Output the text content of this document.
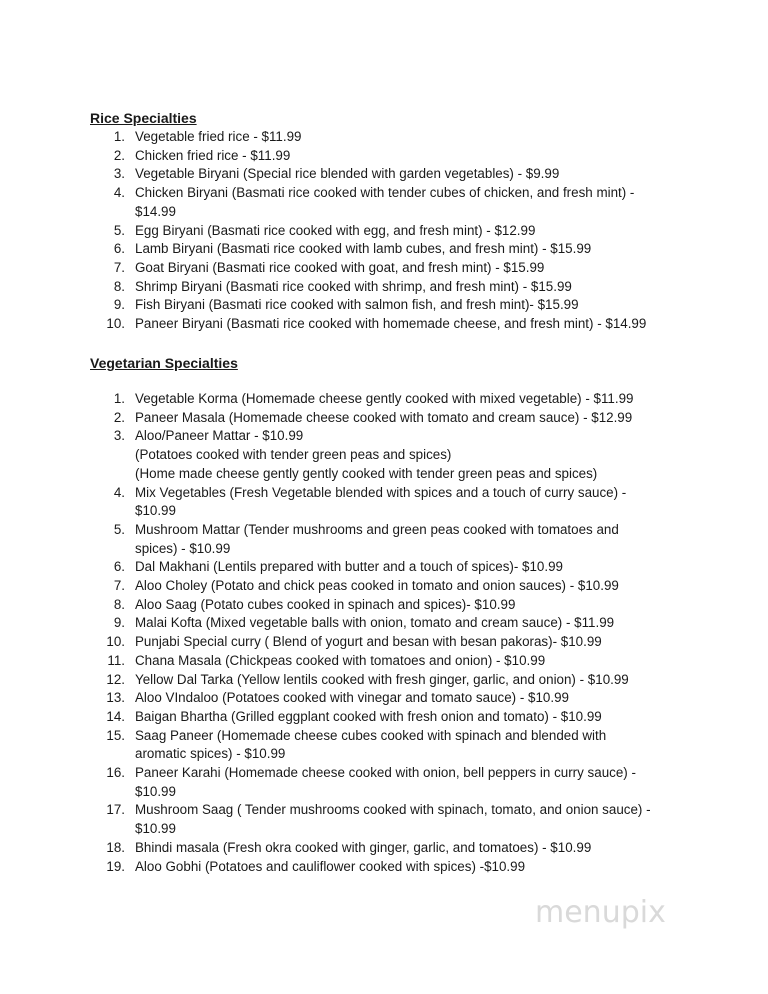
Rice Specialties
1. Vegetable fried rice - $11.99
2. Chicken fried rice - $11.99
3. Vegetable Biryani (Special rice blended with garden vegetables) - $9.99
4. Chicken Biryani (Basmati rice cooked with tender cubes of chicken, and fresh mint) -
$14.99
5. Egg Biryani (Basmati rice cooked with egg, and fresh mint) - $12.99
6. Lamb Biryani (Basmati rice cooked with lamb cubes, and fresh mint) - $15.99
7. Goat Biryani (Basmati rice cooked with goat, and fresh mint) - $15.99
8. Shrimp Biryani (Basmati rice cooked with shrimp, and fresh mint) - $15.99
9. Fish Biryani (Basmati rice cooked with salmon fish, and fresh mint)- $15.99
10. Paneer Biryani (Basmati rice cooked with homemade cheese, and fresh mint) - $14.99
Vegetarian Specialties
1. Vegetable Korma (Homemade cheese gently cooked with mixed vegetable) - $11.99
2. Paneer Masala (Homemade cheese cooked with tomato and cream sauce) - $12.99
3. Aloo/Paneer Mattar - $10.99
(Potatoes cooked with tender green peas and spices)
(Home made cheese gently gently cooked with tender green peas and spices)
4. Mix Vegetables (Fresh Vegetable blended with spices and a touch of curry sauce) -
$10.99
5. Mushroom Mattar (Tender mushrooms and green peas cooked with tomatoes and
spices) - $10.99
6. Dal Makhani (Lentils prepared with butter and a touch of spices)- $10.99
7. Aloo Choley (Potato and chick peas cooked in tomato and onion sauces) - $10.99
8. Aloo Saag (Potato cubes cooked in spinach and spices)- $10.99
9. Malai Kofta (Mixed vegetable balls with onion, tomato and cream sauce) - $11.99
10. Punjabi Special curry ( Blend of yogurt and besan with besan pakoras)- $10.99
11. Chana Masala (Chickpeas cooked with tomatoes and onion) - $10.99
12. Yellow Dal Tarka (Yellow lentils cooked with fresh ginger, garlic, and onion) - $10.99
13. Aloo VIndaloo (Potatoes cooked with vinegar and tomato sauce) - $10.99
14. Baigan Bhartha (Grilled eggplant cooked with fresh onion and tomato) - $10.99
15. Saag Paneer (Homemade cheese cubes cooked with spinach and blended with
aromatic spices) - $10.99
16. Paneer Karahi (Homemade cheese cooked with onion, bell peppers in curry sauce) -
$10.99
17. Mushroom Saag ( Tender mushrooms cooked with spinach, tomato, and onion sauce) -
$10.99
18. Bhindi masala (Fresh okra cooked with ginger, garlic, and tomatoes) - $10.99
19. Aloo Gobhi (Potatoes and cauliflower cooked with spices) -$10.99
menupix
